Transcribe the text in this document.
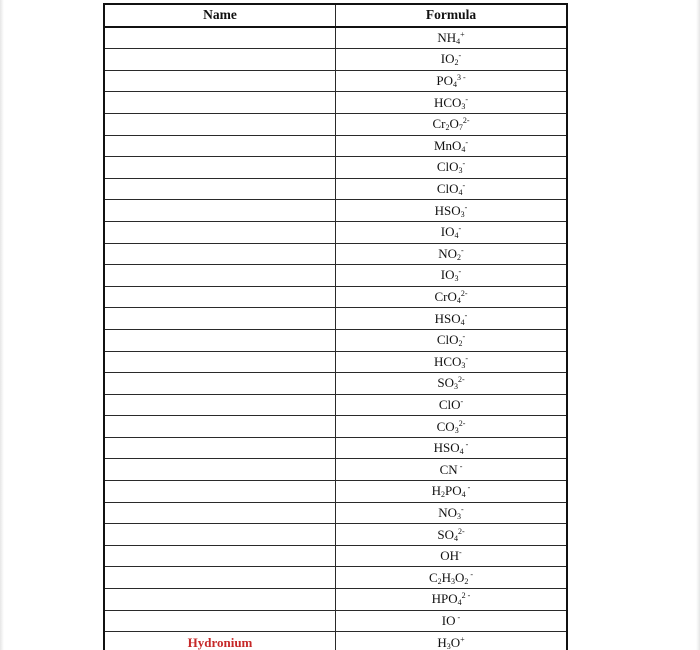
Name	Formula
	$NH_4^+$
	$IO_2^-$
	$PO_4^{3 -}$
	$HCO_3^-$
	$Cr_2O_7^{2-}$
	MnO$_4$-
	ClO$_3$-
	ClO$_4$-
	$HSO_3^-$
	$IO_4^-$
	$NO_2^-$
	$IO_3^-$
	CrO$_4^{2-}$
	$HSO_4^-$
	ClO$_2$-
	$HCO_3^-$
	$SO_3^{2-}$
	ClO-
	$CO_3^{2-}$
	$HSO_4$ -
	CN -
	$H_2PO_4$ -
	$NO_3^-$
	$SO_4^{2-}$
	OH-
	$C_2H_3O_2$ -
	$HPO_4^{2 -}$
	IO -
Hydronium	$H_3O^+$
